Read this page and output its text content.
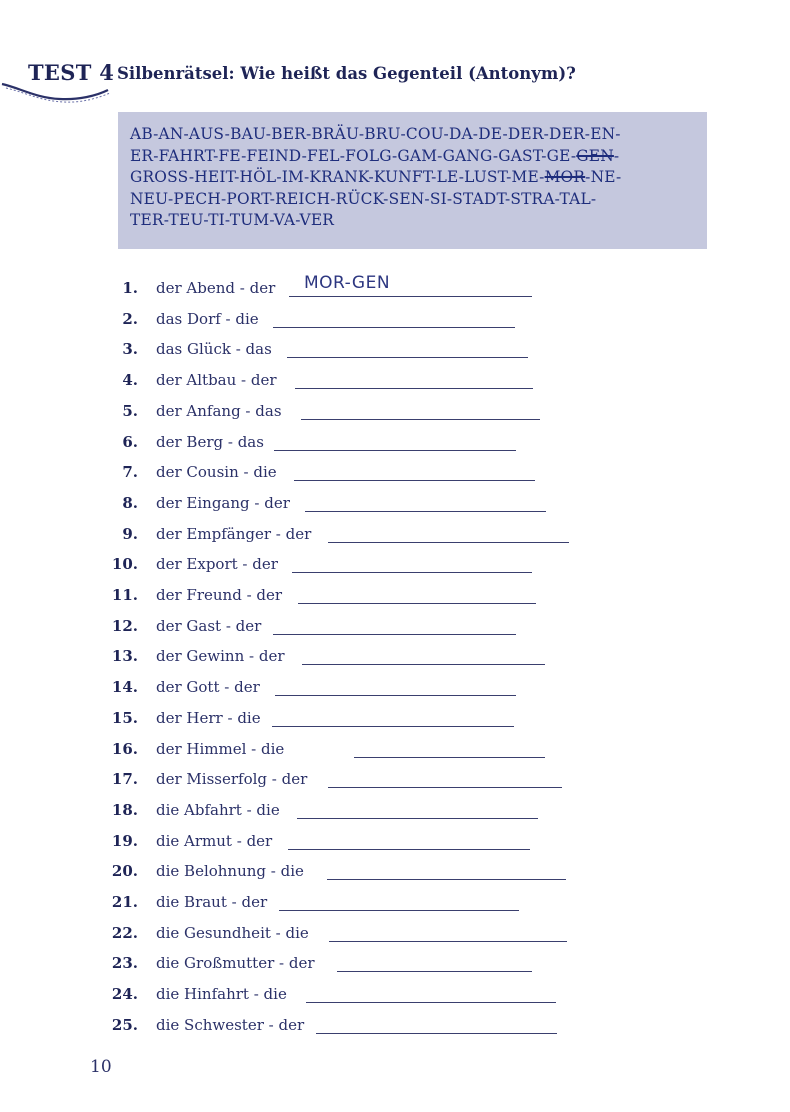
TEST 4 Silbenrätsel: Wie heißt das Gegenteil (Antonym)?
AB-AN-AUS-BAU-BER-BRÄU-BRU-COU-DA-DE-DER-DER-EN-
ER-FAHRT-FE-FEIND-FEL-FOLG-GAM-GANG-GAST-GE-GEN-
GROSS-HEIT-HÖL-IM-KRANK-KUNFT-LE-LUST-ME-MOR-NE-
NEU-PECH-PORT-REICH-RÜCK-SEN-SI-STADT-STRA-TAL-
TER-TEU-TI-TUM-VA-VER
1. der Abend - der MOR-GEN
2. das Dorf - die
3. das Glück - das
4. der Altbau - der
5. der Anfang - das
6. der Berg - das
7. der Cousin - die
8. der Eingang - der
9. der Empfänger - der
10. der Export - der
11. der Freund - der
12. der Gast - der
13. der Gewinn - der
14. der Gott - der
15. der Herr - die
16. der Himmel - die
17. der Misserfolg - der
18. die Abfahrt - die
19. die Armut - der
20. die Belohnung - die
21. die Braut - der
22. die Gesundheit - die
23. die Großmutter - der
24. die Hinfahrt - die
25. die Schwester - der
10
